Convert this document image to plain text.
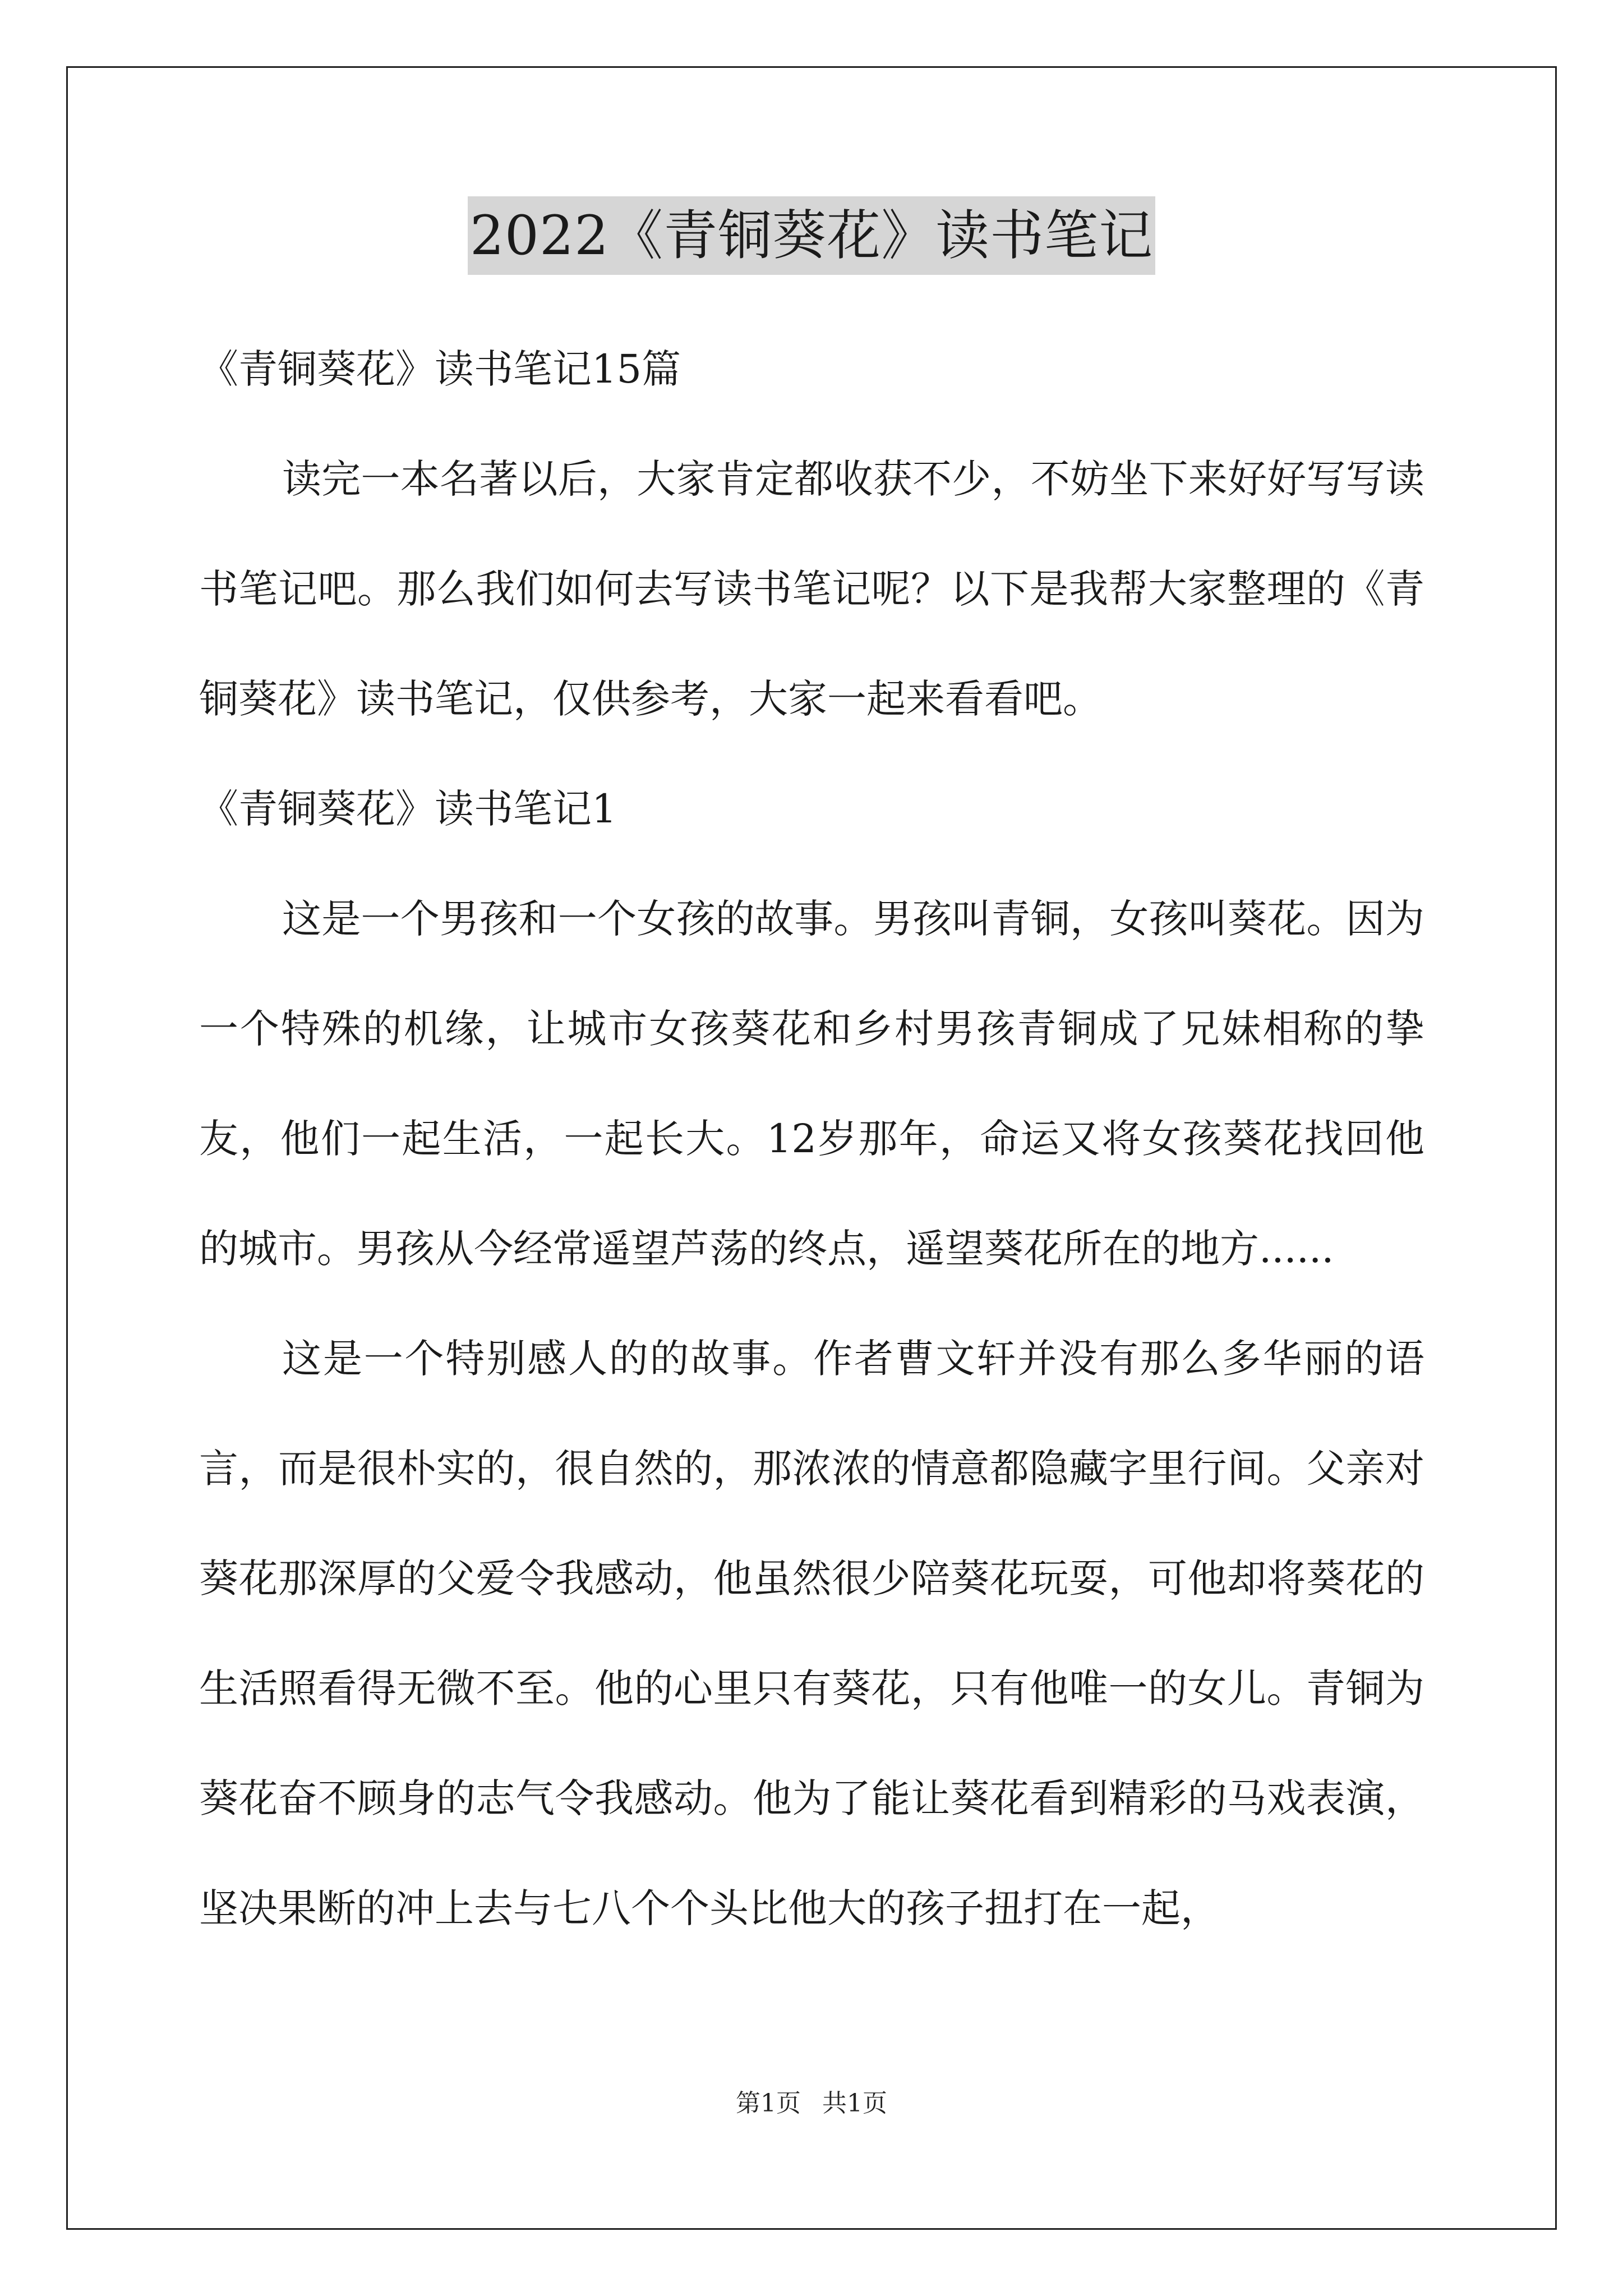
2022《青铜葵花》读书笔记
《青铜葵花》读书笔记15篇
读完一本名著以后，大家肯定都收获不少，不妨坐下来好好写写读书笔记吧。那么我们如何去写读书笔记呢？以下是我帮大家整理的《青铜葵花》读书笔记，仅供参考，大家一起来看看吧。
《青铜葵花》读书笔记1
这是一个男孩和一个女孩的故事。男孩叫青铜，女孩叫葵花。因为一个特殊的机缘，让城市女孩葵花和乡村男孩青铜成了兄妹相称的挚友，他们一起生活，一起长大。12岁那年，命运又将女孩葵花找回他的城市。男孩从今经常遥望芦荡的终点，遥望葵花所在的地方......
这是一个特别感人的的故事。作者曹文轩并没有那么多华丽的语言，而是很朴实的，很自然的，那浓浓的情意都隐藏字里行间。父亲对葵花那深厚的父爱令我感动，他虽然很少陪葵花玩耍，可他却将葵花的生活照看得无微不至。他的心里只有葵花，只有他唯一的女儿。青铜为葵花奋不顾身的志气令我感动。他为了能让葵花看到精彩的马戏表演，坚决果断的冲上去与七八个个头比他大的孩子扭打在一起，
第1页 共1页
